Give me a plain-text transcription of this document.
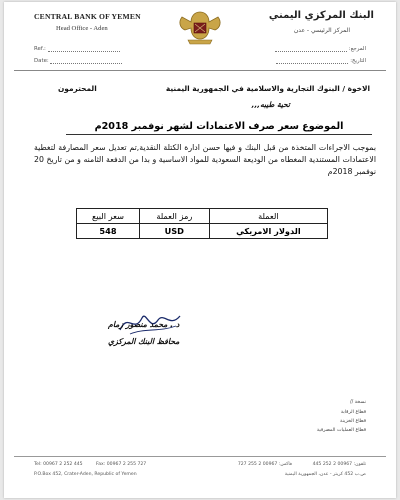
CENTRAL BANK OF YEMEN
Head Office - Aden
البنك المركزي اليمني
المركز الرئيسي - عدن
Ref.:
Date:
المرجع:
التاريخ:
الاخوة / البنوك التجارية والاسلامية في الجمهورية اليمنية
المحترمون
تحية طيبه,,,
الموضوع سعر صرف الاعتمادات لشهر نوفمبر 2018م
بموجب الاجراءات المتخذة من قبل البنك و فيها حسن ادارة الكتلة النقدية,تم تعديل سعر المصارفة لتغطية الاعتمادات المستندية المغطاه من الوديعة السعودية للمواد الاساسية و بدا من الدفعة الثامنه و من تاريخ 20 نوفمبر 2018م
العملة	رمز العملة	سعر البيع
الدولار الامريكي	USD	548
د . محمد منصور زمام
محافظ البنك المركزي
نسخة //
قطاع الرقابة
قطاع الخزينة
قطاع العمليات المصرفية
Tel: 00967 2 252 445	Fax: 00967 2 255 727
P.O.Box 452, Crater-Aden, Republic of Yemen
تلفون: 00967 2 252 445
فاكس: 00967 2 255 727
ص.ب 452 كريتر - عدن، الجمهورية اليمنية
